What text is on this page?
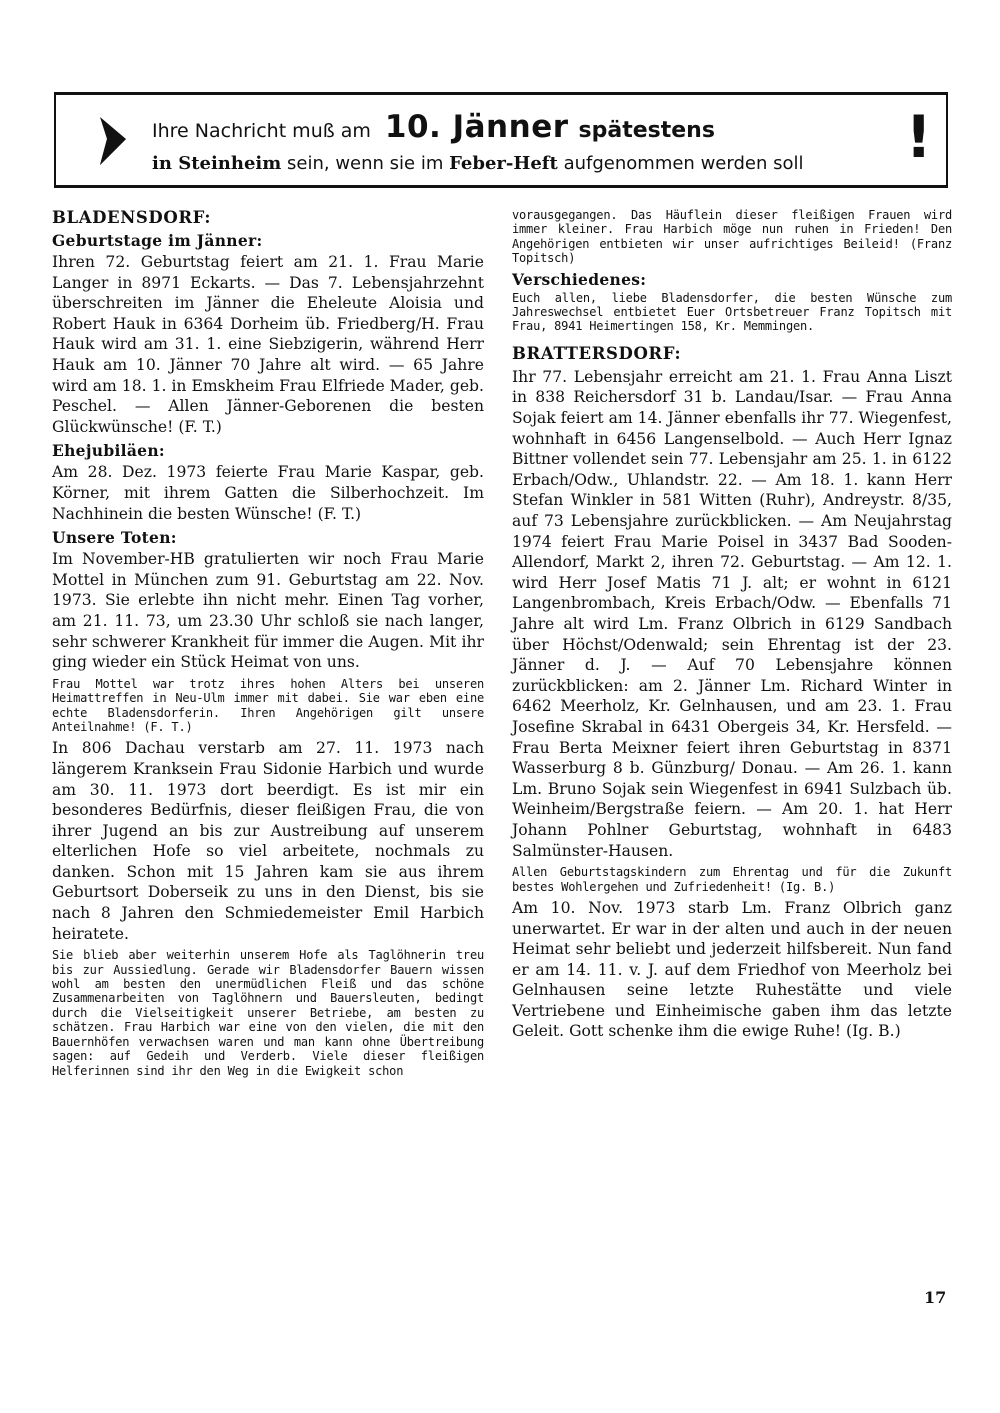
Ihre Nachricht muß am 10. Jänner spätestens
in Steinheim sein, wenn sie im Feber-Heft aufgenommen werden soll !
BLADENSDORF:
Geburtstage im Jänner:

Ihren 72. Geburtstag feiert am 21. 1. Frau Marie Langer in 8971 Eckarts. — Das 7. Lebensjahrzehnt überschreiten im Jänner die Eheleute Aloisia und Robert Hauk in 6364 Dorheim üb. Friedberg/H. Frau Hauk wird am 31. 1. eine Siebzigerin, während Herr Hauk am 10. Jänner 70 Jahre alt wird. — 65 Jahre wird am 18. 1. in Emskheim Frau Elfriede Mader, geb. Peschel. — Allen Jänner-Geborenen die besten Glückwünsche! (F. T.)

Ehejubiläen:

Am 28. Dez. 1973 feierte Frau Marie Kaspar, geb. Körner, mit ihrem Gatten die Silberhochzeit. Im Nachhinein die besten Wünsche! (F. T.)

Unsere Toten:

Im November-HB gratulierten wir noch Frau Marie Mottel in München zum 91. Geburtstag am 22. Nov. 1973. Sie erlebte ihn nicht mehr. Einen Tag vorher, am 21. 11. 73, um 23.30 Uhr schloß sie nach langer, sehr schwerer Krankheit für immer die Augen. Mit ihr ging wieder ein Stück Heimat von uns.

Frau Mottel war trotz ihres hohen Alters bei unseren Heimattreffen in Neu-Ulm immer mit dabei. Sie war eben eine echte Bladensdorferin. Ihren Angehörigen gilt unsere Anteilnahme! (F. T.)

In 806 Dachau verstarb am 27. 11. 1973 nach längerem Kranksein Frau Sidonie Harbich und wurde am 30. 11. 1973 dort beerdigt. Es ist mir ein besonderes Bedürfnis, dieser fleißigen Frau, die von ihrer Jugend an bis zur Austreibung auf unserem elterlichen Hofe so viel arbeitete, nochmals zu danken. Schon mit 15 Jahren kam sie aus ihrem Geburtsort Doberseik zu uns in den Dienst, bis sie nach 8 Jahren den Schmiedemeister Emil Harbich heiratete.

Sie blieb aber weiterhin unserem Hofe als Taglöhnerin treu bis zur Aussiedlung. Gerade wir Bladensdorfer Bauern wissen wohl am besten den unermüdlichen Fleiß und das schöne Zusammenarbeiten von Taglöhnern und Bauersleuten, bedingt durch die Vielseitigkeit unserer Betriebe, am besten zu schätzen. Frau Harbich war eine von den vielen, die mit den Bauernhöfen verwachsen waren und man kann ohne Übertreibung sagen: auf Gedeih und Verderb. Viele dieser fleißigen Helferinnen sind ihr den Weg in die Ewigkeit schon

vorausgegangen. Das Häuflein dieser fleißigen Frauen wird immer kleiner. Frau Harbich möge nun ruhen in Frieden! Den Angehörigen entbieten wir unser aufrichtiges Beileid! (Franz Topitsch)

Verschiedenes:

Euch allen, liebe Bladensdorfer, die besten Wünsche zum Jahreswechsel entbietet Euer Ortsbetreuer Franz Topitsch mit Frau, 8941 Heimertingen 158, Kr. Memmingen.

BRATTERSDORF:

Ihr 77. Lebensjahr erreicht am 21. 1. Frau Anna Liszt in 838 Reichersdorf 31 b. Landau/Isar. — Frau Anna Sojak feiert am 14. Jänner ebenfalls ihr 77. Wiegenfest, wohnhaft in 6456 Langenselbold. — Auch Herr Ignaz Bittner vollendet sein 77. Lebensjahr am 25. 1. in 6122 Erbach/Odw., Uhlandstr. 22. — Am 18. 1. kann Herr Stefan Winkler in 581 Witten (Ruhr), Andreystr. 8/35, auf 73 Lebensjahre zurückblicken. — Am Neujahrstag 1974 feiert Frau Marie Poisel in 3437 Bad Sooden-Allendorf, Markt 2, ihren 72. Geburtstag. — Am 12. 1. wird Herr Josef Matis 71 J. alt; er wohnt in 6121 Langenbrombach, Kreis Erbach/Odw. — Ebenfalls 71 Jahre alt wird Lm. Franz Olbrich in 6129 Sandbach über Höchst/Odenwald; sein Ehrentag ist der 23. Jänner d. J. — Auf 70 Lebensjahre können zurückblicken: am 2. Jänner Lm. Richard Winter in 6462 Meerholz, Kr. Gelnhausen, und am 23. 1. Frau Josefine Skrabal in 6431 Obergeis 34, Kr. Hersfeld. — Frau Berta Meixner feiert ihren Geburtstag in 8371 Wasserburg 8 b. Günzburg/ Donau. — Am 26. 1. kann Lm. Bruno Sojak sein Wiegenfest in 6941 Sulzbach üb. Weinheim/Bergstraße feiern. — Am 20. 1. hat Herr Johann Pohlner Geburtstag, wohnhaft in 6483 Salmünster-Hausen.

Allen Geburtstagskindern zum Ehrentag und für die Zukunft bestes Wohlergehen und Zufriedenheit! (Ig. B.)

Am 10. Nov. 1973 starb Lm. Franz Olbrich ganz unerwartet. Er war in der alten und auch in der neuen Heimat sehr beliebt und jederzeit hilfsbereit. Nun fand er am 14. 11. v. J. auf dem Friedhof von Meerholz bei Gelnhausen seine letzte Ruhestätte und viele Vertriebene und Einheimische gaben ihm das letzte Geleit. Gott schenke ihm die ewige Ruhe! (Ig. B.)

17
